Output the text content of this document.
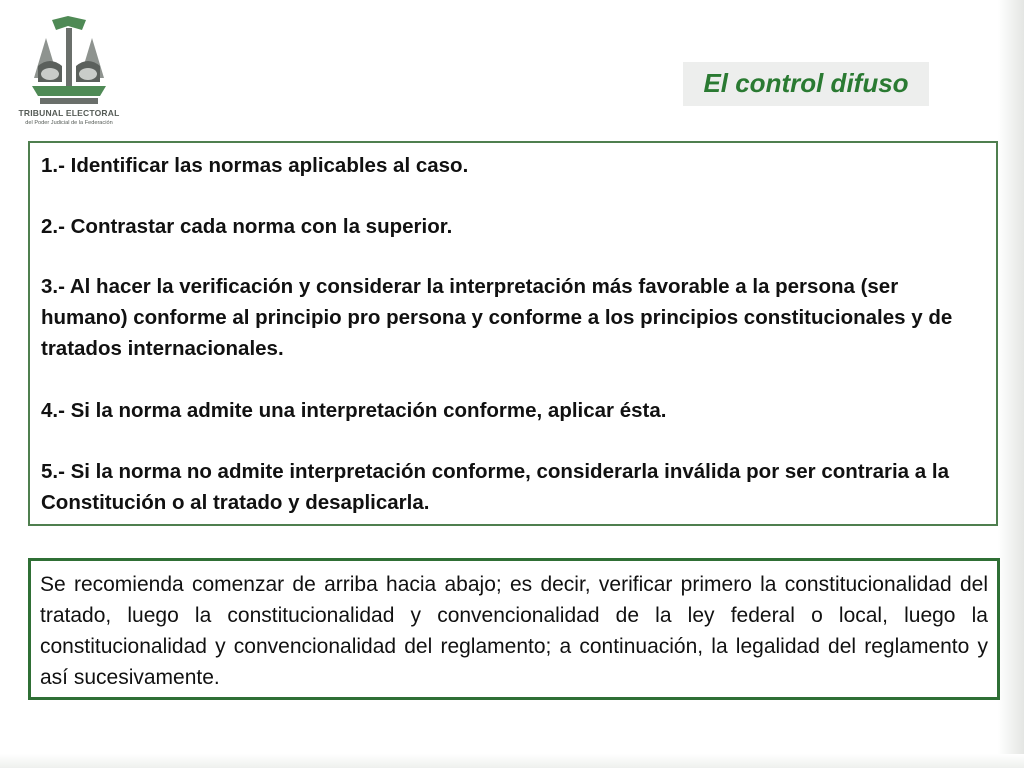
TRIBUNAL ELECTORAL
del Poder Judicial de la Federación
El control difuso

1.- Identificar las normas aplicables al caso.

2.- Contrastar cada norma con la superior.

3.- Al hacer la verificación y considerar la interpretación más favorable a la persona (ser humano) conforme al principio pro persona y conforme a los principios constitucionales y de tratados internacionales.

4.- Si la norma admite una interpretación conforme, aplicar ésta.

5.- Si la norma no admite interpretación conforme, considerarla inválida por ser contraria a la Constitución o al tratado y desaplicarla.

Se recomienda comenzar de arriba hacia abajo; es decir, verificar primero la constitucionalidad del tratado, luego la constitucionalidad y convencionalidad de la ley federal o local, luego la constitucionalidad y convencionalidad del reglamento; a continuación, la legalidad del reglamento y así sucesivamente.
